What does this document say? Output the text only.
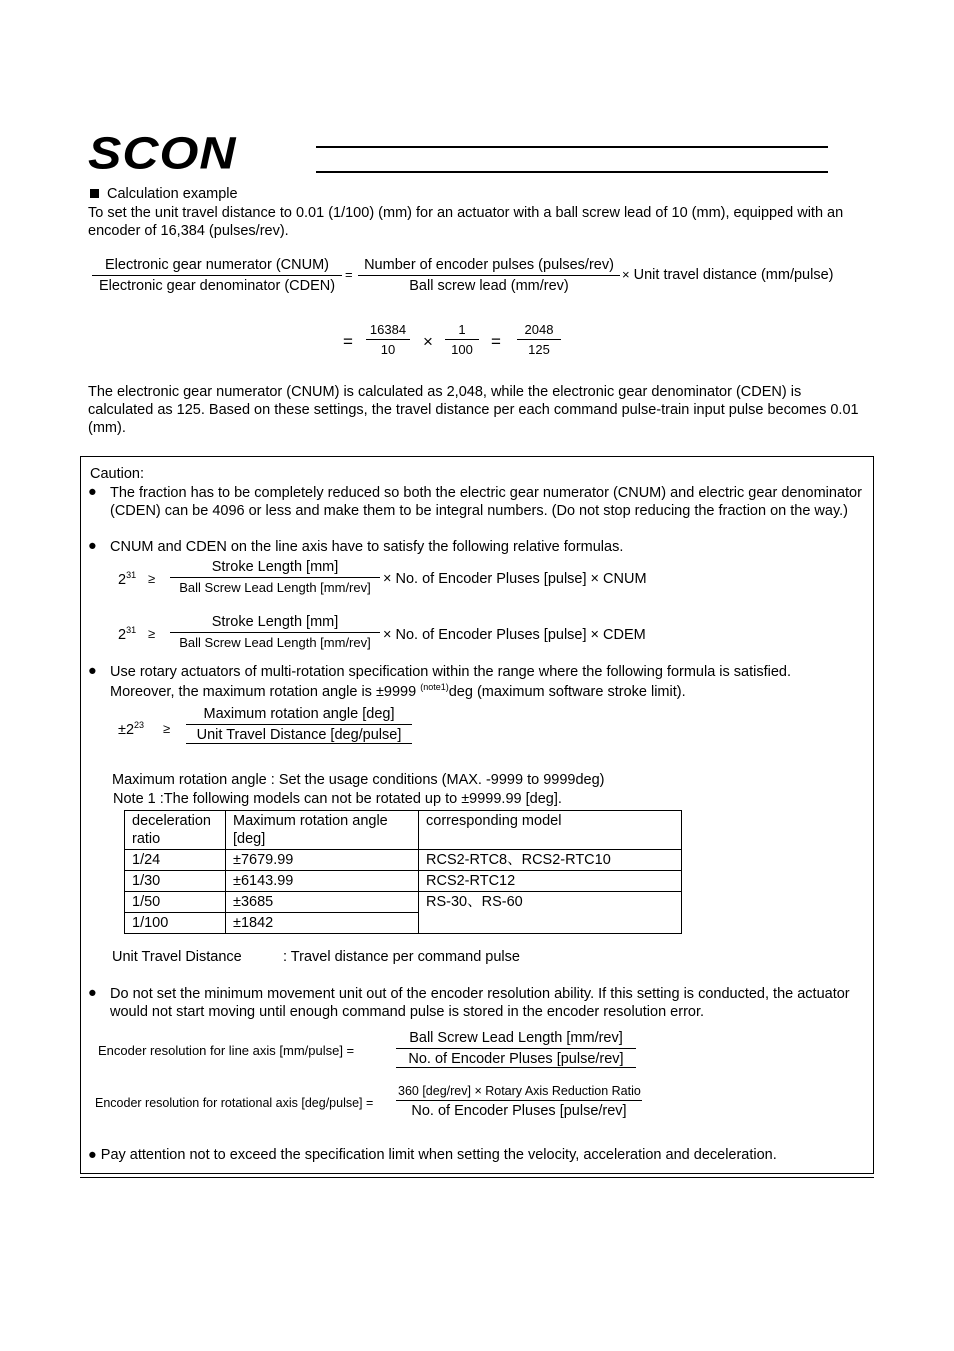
SCON
Calculation example
To set the unit travel distance to 0.01 (1/100) (mm) for an actuator with a ball screw lead of 10 (mm), equipped with an encoder of 16,384 (pulses/rev).
Electronic gear numerator (CNUM)
Electronic gear denominator (CDEN)
=
Number of encoder pulses (pulses/rev)
Ball screw lead (mm/rev)
× Unit travel distance (mm/pulse)
= $\frac{16384}{10} \times \frac{1}{100} = \frac{2048}{125}$
The electronic gear numerator (CNUM) is calculated as 2,048, while the electronic gear denominator (CDEN) is calculated as 125. Based on these settings, the travel distance per each command pulse-train input pulse becomes 0.01 (mm).
Caution:
● The fraction has to be completely reduced so both the electric gear numerator (CNUM) and electric gear denominator (CDEN) can be 4096 or less and make them to be integral numbers. (Do not stop reducing the fraction on the way.)
● CNUM and CDEN on the line axis have to satisfy the following relative formulas.
$2^{31}$ ≥
Stroke Length [mm]
Ball Screw Lead Length [mm/rev]
× No. of Encoder Pluses [pulse] × CNUM
$2^{31}$ ≥
Stroke Length [mm]
Ball Screw Lead Length [mm/rev] × No. of Encoder Pluses [pulse] × CDEM
● Use rotary actuators of multi-rotation specification within the range where the following formula is satisfied.
Moreover, the maximum rotation angle is ±9999 $^{(note1)}$deg (maximum software stroke limit).
$\pm 2^{23}$ ≥
Maximum rotation angle [deg]
Unit Travel Distance [deg/pulse]
Maximum rotation angle : Set the usage conditions (MAX. -9999 to 9999deg)
Note 1 :The following models can not be rotated up to ±9999.99 [deg].
deceleration ratio	Maximum rotation angle [deg]	corresponding model
1/24	±7679.99	RCS2-RTC8、RCS2-RTC10
1/30	±6143.99	RCS2-RTC12
1/50	±3685	RS-30、RS-60
1/100	±1842	
Unit Travel Distance	: Travel distance per command pulse
● Do not set the minimum movement unit out of the encoder resolution ability. If this setting is conducted, the actuator would not start moving until enough command pulse is stored in the encoder resolution error.
Encoder resolution for line axis [mm/pulse] =
Ball Screw Lead Length [mm/rev]
No. of Encoder Pluses [pulse/rev]
Encoder resolution for rotational axis [deg/pulse] =
360 [deg/rev] × Rotary Axis Reduction Ratio
No. of Encoder Pluses [pulse/rev]
● Pay attention not to exceed the specification limit when setting the velocity, acceleration and deceleration.
